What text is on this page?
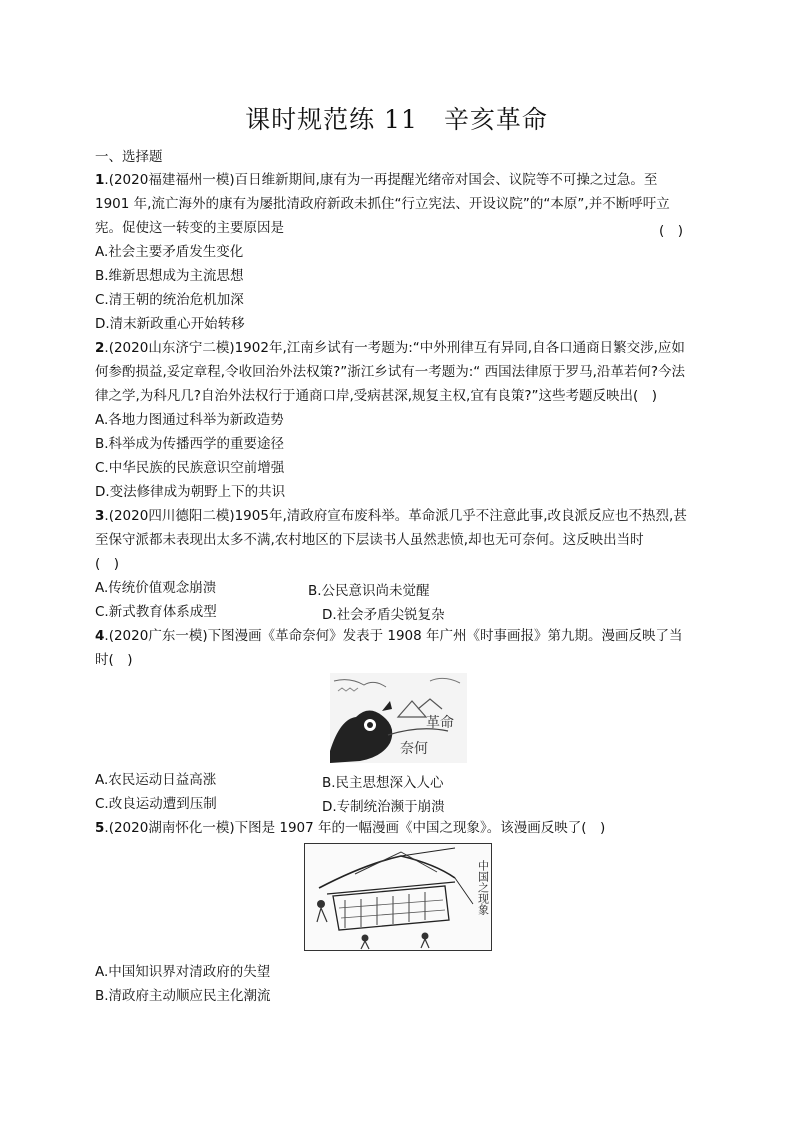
课时规范练 11　辛亥革命
一、选择题
1.(2020福建福州一模)百日维新期间,康有为一再提醒光绪帝对国会、议院等不可操之过急。至
1901 年,流亡海外的康有为屡批清政府新政未抓住“行立宪法、开设议院”的“本原”,并不断呼吁立
宪。促使这一转变的主要原因是	(　)
A.社会主要矛盾发生变化
B.维新思想成为主流思想
C.清王朝的统治危机加深
D.清末新政重心开始转移
2.(2020山东济宁二模)1902年,江南乡试有一考题为:“中外刑律互有异同,自各口通商日繁交涉,应如
何参酌损益,妥定章程,令收回治外法权策?”浙江乡试有一考题为:“ 西国法律原于罗马,沿革若何?今法
律之学,为科凡几?自治外法权行于通商口岸,受病甚深,规复主权,宜有良策?”这些考题反映出(　)
A.各地力图通过科举为新政造势
B.科举成为传播西学的重要途径
C.中华民族的民族意识空前增强
D.变法修律成为朝野上下的共识
3.(2020四川德阳二模)1905年,清政府宣布废科举。革命派几乎不注意此事,改良派反应也不热烈,甚
至保守派都未表现出太多不满,农村地区的下层读书人虽然悲愤,却也无可奈何。这反映出当时
(　)
A.传统价值观念崩溃	B.公民意识尚未觉醒
C.新式教育体系成型	D.社会矛盾尖锐复杂
4.(2020广东一模)下图漫画《革命奈何》发表于 1908 年广州《时事画报》第九期。漫画反映了当
时(　)
革命
奈何
A.农民运动日益高涨	B.民主思想深入人心
C.改良运动遭到压制	D.专制统治濒于崩溃
5.(2020湖南怀化一模)下图是 1907 年的一幅漫画《中国之现象》。该漫画反映了(　)
中国之现象
A.中国知识界对清政府的失望
B.清政府主动顺应民主化潮流
